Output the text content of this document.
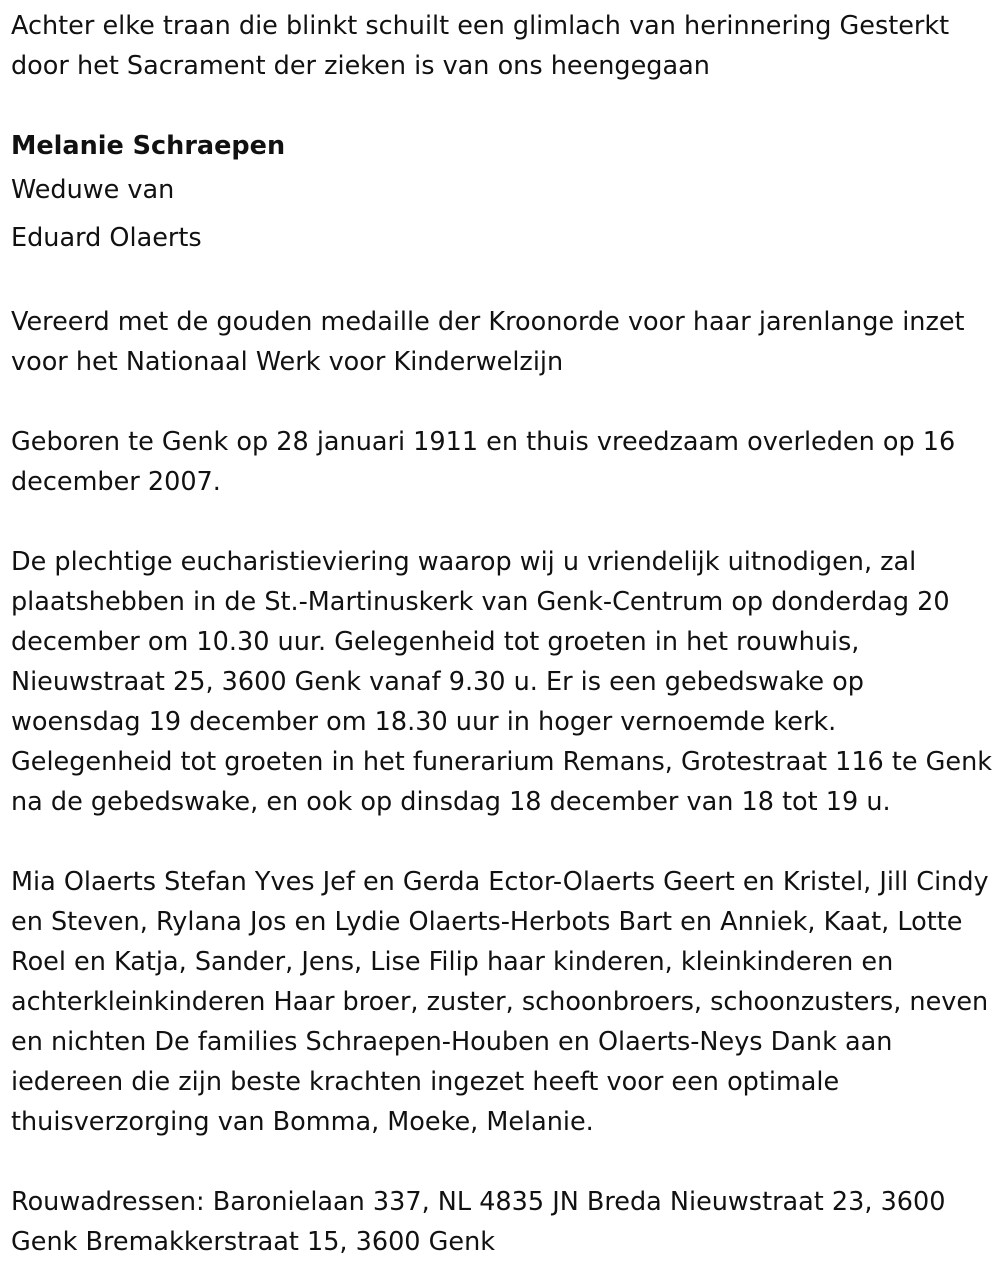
Achter elke traan die blinkt schuilt een glimlach van herinnering Gesterkt door het Sacrament der zieken is van ons heengegaan

Melanie Schraepen

Weduwe van

Eduard Olaerts

Vereerd met de gouden medaille der Kroonorde voor haar jarenlange inzet voor het Nationaal Werk voor Kinderwelzijn

Geboren te Genk op 28 januari 1911 en thuis vreedzaam overleden op 16 december 2007.

De plechtige eucharistieviering waarop wij u vriendelijk uitnodigen, zal plaatshebben in de St.-Martinuskerk van Genk-Centrum op donderdag 20 december om 10.30 uur. Gelegenheid tot groeten in het rouwhuis, Nieuwstraat 25, 3600 Genk vanaf 9.30 u. Er is een gebedswake op woensdag 19 december om 18.30 uur in hoger vernoemde kerk. Gelegenheid tot groeten in het funerarium Remans, Grotestraat 116 te Genk na de gebedswake, en ook op dinsdag 18 december van 18 tot 19 u.

Mia Olaerts Stefan Yves Jef en Gerda Ector-Olaerts Geert en Kristel, Jill Cindy en Steven, Rylana Jos en Lydie Olaerts-Herbots Bart en Anniek, Kaat, Lotte Roel en Katja, Sander, Jens, Lise Filip haar kinderen, kleinkinderen en achterkleinkinderen Haar broer, zuster, schoonbroers, schoonzusters, neven en nichten De families Schraepen-Houben en Olaerts-Neys Dank aan iedereen die zijn beste krachten ingezet heeft voor een optimale thuisverzorging van Bomma, Moeke, Melanie.

Rouwadressen: Baronielaan 337, NL 4835 JN Breda Nieuwstraat 23, 3600 Genk Bremakkerstraat 15, 3600 Genk
